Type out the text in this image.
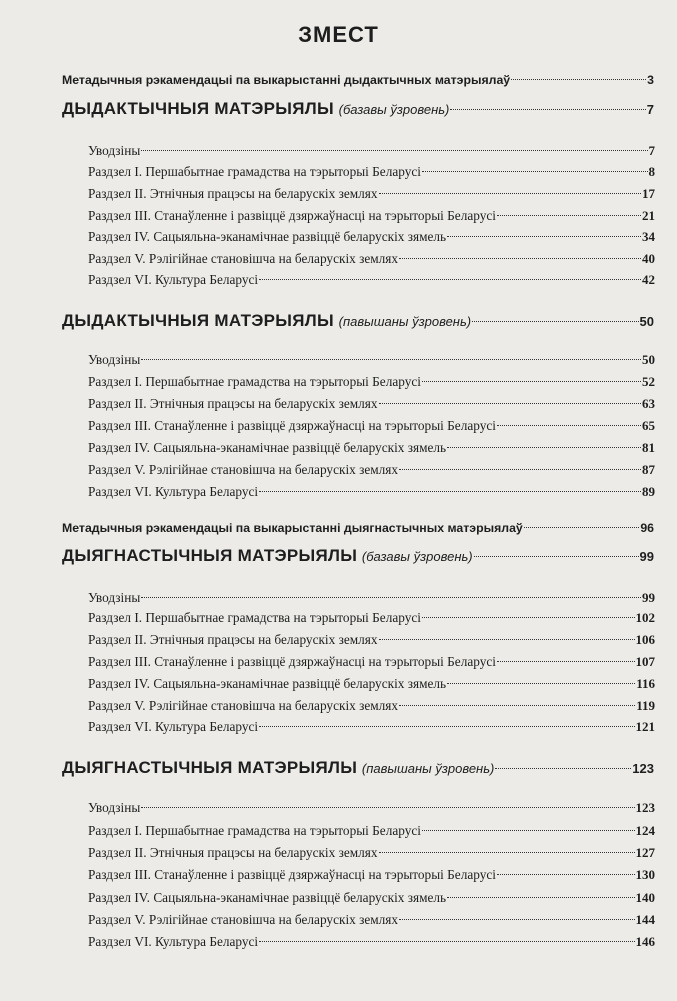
ЗМЕСТ
Метадычныя рэкамендацыі па выкарыстанні дыдактычных матэрыялаў	3
ДЫДАКТЫЧНЫЯ МАТЭРЫЯЛЫ (базавы ўзровень)	7
Уводзіны	7
Раздзел I. Першабытнае грамадства на тэрыторыі Беларусі	8
Раздзел II. Этнічныя працэсы на беларускіх землях	17
Раздзел III. Станаўленне і развіццё дзяржаўнасці на тэрыторыі Беларусі	21
Раздзел IV. Сацыяльна-эканамічнае развіццё беларускіх зямель	34
Раздзел V. Рэлігійнае становішча на беларускіх землях	40
Раздзел VI. Культура Беларусі	42
ДЫДАКТЫЧНЫЯ МАТЭРЫЯЛЫ (павышаны ўзровень)	50
Уводзіны	50
Раздзел I. Першабытнае грамадства на тэрыторыі Беларусі	52
Раздзел II. Этнічныя працэсы на беларускіх землях	63
Раздзел III. Станаўленне і развіццё дзяржаўнасці на тэрыторыі Беларусі	65
Раздзел IV. Сацыяльна-эканамічнае развіццё беларускіх зямель	81
Раздзел V. Рэлігійнае становішча на беларускіх землях	87
Раздзел VI. Культура Беларусі	89
Метадычныя рэкамендацыі па выкарыстанні дыягнастычных матэрыялаў	96
ДЫЯГНАСТЫЧНЫЯ МАТЭРЫЯЛЫ (базавы ўзровень)	99
Уводзіны	99
Раздзел I. Першабытнае грамадства на тэрыторыі Беларусі	102
Раздзел II. Этнічныя працэсы на беларускіх землях	106
Раздзел III. Станаўленне і развіццё дзяржаўнасці на тэрыторыі Беларусі	107
Раздзел IV. Сацыяльна-эканамічнае развіццё беларускіх зямель	116
Раздзел V. Рэлігійнае становішча на беларускіх землях	119
Раздзел VI. Культура Беларусі	121
ДЫЯГНАСТЫЧНЫЯ МАТЭРЫЯЛЫ (павышаны ўзровень)	123
Уводзіны	123
Раздзел I. Першабытнае грамадства на тэрыторыі Беларусі	124
Раздзел II. Этнічныя працэсы на беларускіх землях	127
Раздзел III. Станаўленне і развіццё дзяржаўнасці на тэрыторыі Беларусі	130
Раздзел IV. Сацыяльна-эканамічнае развіццё беларускіх зямель	140
Раздзел V. Рэлігійнае становішча на беларускіх землях	144
Раздзел VI. Культура Беларусі	146
